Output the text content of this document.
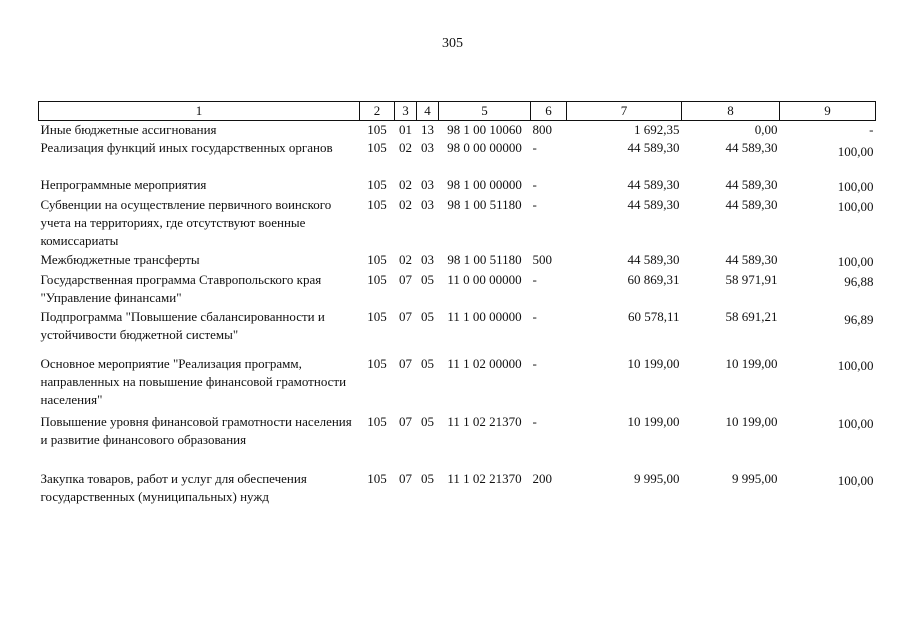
305
1	2	3	4	5	6	7	8	9
Иные бюджетные ассигнования	105	01	13	98 1 00 10060	800	1 692,35	0,00	-
Реализация функций иных государственных органов	105	02	03	98 0 00 00000	-	44 589,30	44 589,30	100,00
Непрограммные мероприятия	105	02	03	98 1 00 00000	-	44 589,30	44 589,30	100,00
Субвенции на осуществление первичного воинского учета на территориях, где отсутствуют военные комиссариаты	105	02	03	98 1 00 51180	-	44 589,30	44 589,30	100,00
Межбюджетные трансферты	105	02	03	98 1 00 51180	500	44 589,30	44 589,30	100,00
Государственная программа Ставропольского края "Управление финансами"	105	07	05	11 0 00 00000	-	60 869,31	58 971,91	96,88
Подпрограмма "Повышение сбалансированности и устойчивости бюджетной системы"	105	07	05	11 1 00 00000	-	60 578,11	58 691,21	96,89
Основное мероприятие "Реализация программ, направленных на повышение финансовой грамотности населения"	105	07	05	11 1 02 00000	-	10 199,00	10 199,00	100,00
Повышение уровня финансовой грамотности населения и развитие финансового образования	105	07	05	11 1 02 21370	-	10 199,00	10 199,00	100,00
Закупка товаров, работ и услуг для обеспечения государственных (муниципальных) нужд	105	07	05	11 1 02 21370	200	9 995,00	9 995,00	100,00
